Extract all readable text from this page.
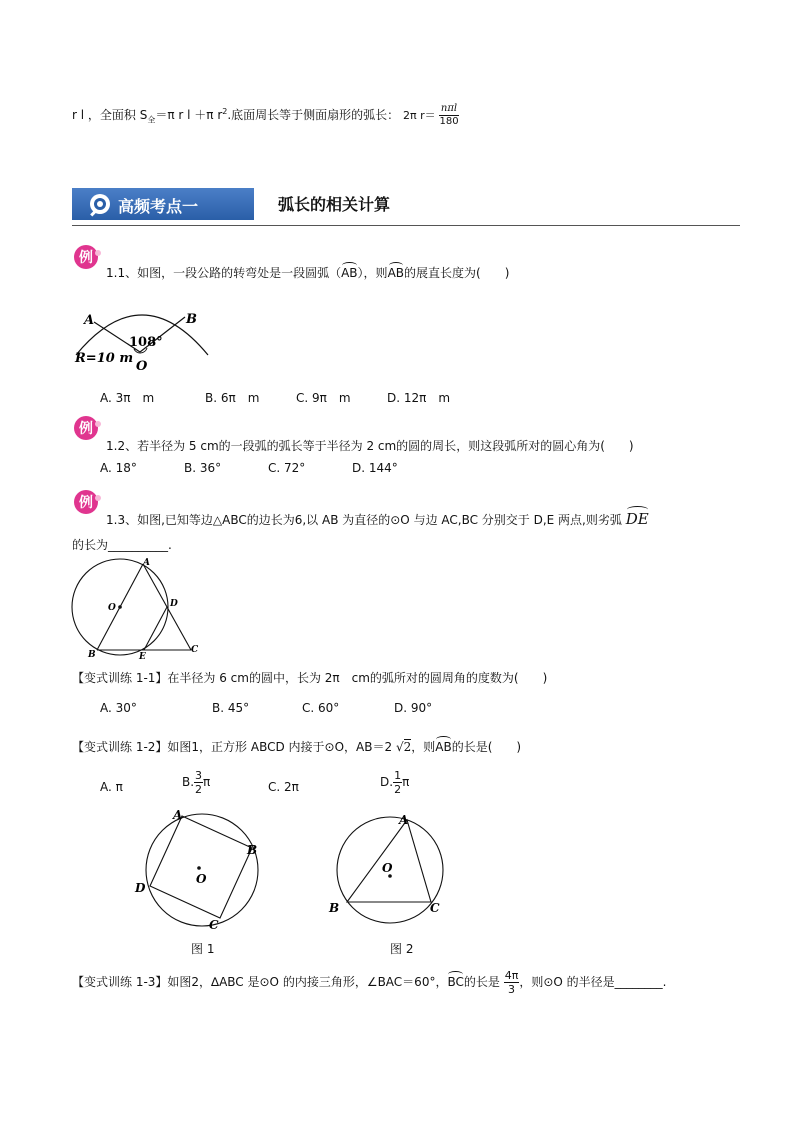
r l ，全面积 $S_全=\pi$ r l ＋π $r^2$.底面周长等于侧面扇形的弧长： 2π $r= \frac{\text{nπl}}{180}$
高频考点一	弧长的相关计算
例
1.1、如图，一段公路的转弯处是一段圆弧（AB），则AB的展直长度为(　　)
A	B
108°
R=10 m
O
A. 3π　m	B. 6π　m	C. 9π　m	D. 12π　m
例
1.2、若半径为 5 cm的一段弧的弧长等于半径为 2 cm的圆的周长，则这段弧所对的圆心角为(　　)
A. 18°	B. 36°	C. 72°	D. 144°
例
1.3、如图,已知等边△ABC的边长为6,以 AB 为直径的⊙O 与边 AC,BC 分别交于 D,E 两点,则劣弧 DE
的长为__________.
A
O	D
B	E
C
【变式训练 1-1】在半径为 6 cm的圆中，长为 2π　cm的弧所对的圆周角的度数为(　　)
A. 30°	B. 45°	C. 60°	D. 90°
【变式训练 1-2】如图1，正方形 ABCD 内接于⊙O，AB＝2 √2，则AB的长是(　　)
A. π	B. $\frac{3}{2}$ π	C. 2π	D. $\frac{1}{2}$ π
A
B
C
D
O
图 1
A
B	C
O
图 2
【变式训练 1-3】如图2，∆ABC 是⊙O 的内接三角形，∠BAC＝60°，BC的长是 $\frac{4\pi}{3}$ ，则⊙O 的半径是________.
